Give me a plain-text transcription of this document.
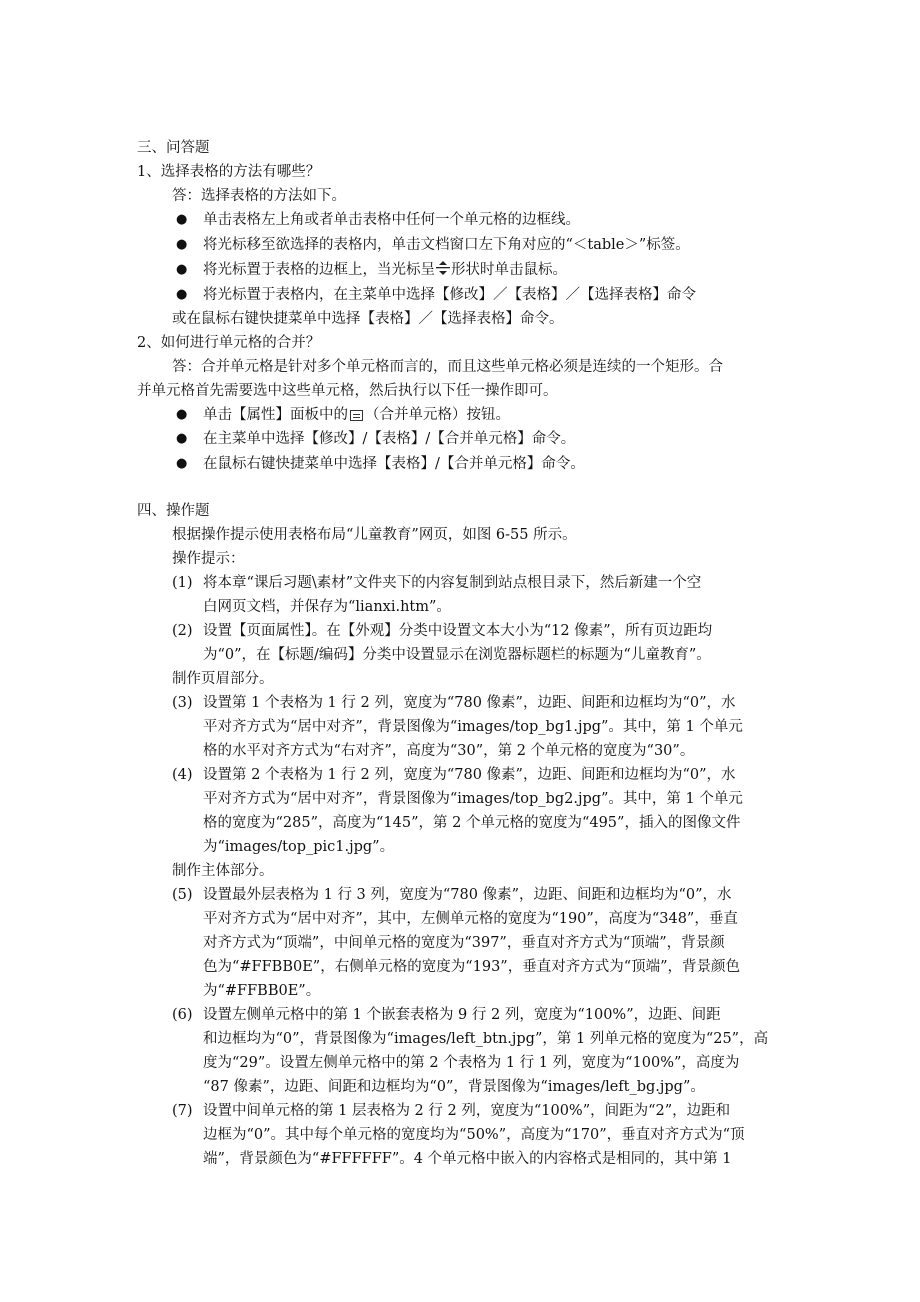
三、问答题
1、选择表格的方法有哪些？
答：选择表格的方法如下。
● 单击表格左上角或者单击表格中任何一个单元格的边框线。
● 将光标移至欲选择的表格内，单击文档窗口左下角对应的“＜table＞”标签。
● 将光标置于表格的边框上，当光标呈 形状时单击鼠标。
● 将光标置于表格内，在主菜单中选择【修改】／【表格】／【选择表格】命令
或在鼠标右键快捷菜单中选择【表格】／【选择表格】命令。
2、如何进行单元格的合并？
答：合并单元格是针对多个单元格而言的，而且这些单元格必须是连续的一个矩形。合
并单元格首先需要选中这些单元格，然后执行以下任一操作即可。
● 单击【属性】面板中的 （合并单元格）按钮。
● 在主菜单中选择【修改】/【表格】/【合并单元格】命令。
● 在鼠标右键快捷菜单中选择【表格】/【合并单元格】命令。
四、操作题
根据操作提示使用表格布局“儿童教育”网页，如图 6-55 所示。
操作提示：
(1) 将本章“课后习题\素材”文件夹下的内容复制到站点根目录下，然后新建一个空
白网页文档，并保存为“lianxi.htm”。
(2) 设置【页面属性】。在【外观】分类中设置文本大小为“12 像素”，所有页边距均
为“0”，在【标题/编码】分类中设置显示在浏览器标题栏的标题为“儿童教育”。
制作页眉部分。
(3) 设置第 1 个表格为 1 行 2 列，宽度为“780 像素”，边距、间距和边框均为“0”，水
平对齐方式为“居中对齐”，背景图像为“images/top_bg1.jpg”。其中，第 1 个单元
格的水平对齐方式为“右对齐”，高度为“30”，第 2 个单元格的宽度为“30”。
(4) 设置第 2 个表格为 1 行 2 列，宽度为“780 像素”，边距、间距和边框均为“0”，水
平对齐方式为“居中对齐”，背景图像为“images/top_bg2.jpg”。其中，第 1 个单元
格的宽度为“285”，高度为“145”，第 2 个单元格的宽度为“495”，插入的图像文件
为“images/top_pic1.jpg”。
制作主体部分。
(5) 设置最外层表格为 1 行 3 列，宽度为“780 像素”，边距、间距和边框均为“0”，水
平对齐方式为“居中对齐”，其中，左侧单元格的宽度为“190”，高度为“348”，垂直
对齐方式为“顶端”，中间单元格的宽度为“397”，垂直对齐方式为“顶端”，背景颜
色为“#FFBB0E”，右侧单元格的宽度为“193”，垂直对齐方式为“顶端”，背景颜色
为“#FFBB0E”。
(6) 设置左侧单元格中的第 1 个嵌套表格为 9 行 2 列，宽度为“100%”，边距、间距
和边框均为“0”，背景图像为“images/left_btn.jpg”，第 1 列单元格的宽度为“25”，高
度为“29”。设置左侧单元格中的第 2 个表格为 1 行 1 列，宽度为“100%”，高度为
“87 像素”，边距、间距和边框均为“0”，背景图像为“images/left_bg.jpg”。
(7) 设置中间单元格的第 1 层表格为 2 行 2 列，宽度为“100%”，间距为“2”，边距和
边框为“0”。其中每个单元格的宽度均为“50%”，高度为“170”，垂直对齐方式为“顶
端”，背景颜色为“#FFFFFF”。4 个单元格中嵌入的内容格式是相同的，其中第 1
